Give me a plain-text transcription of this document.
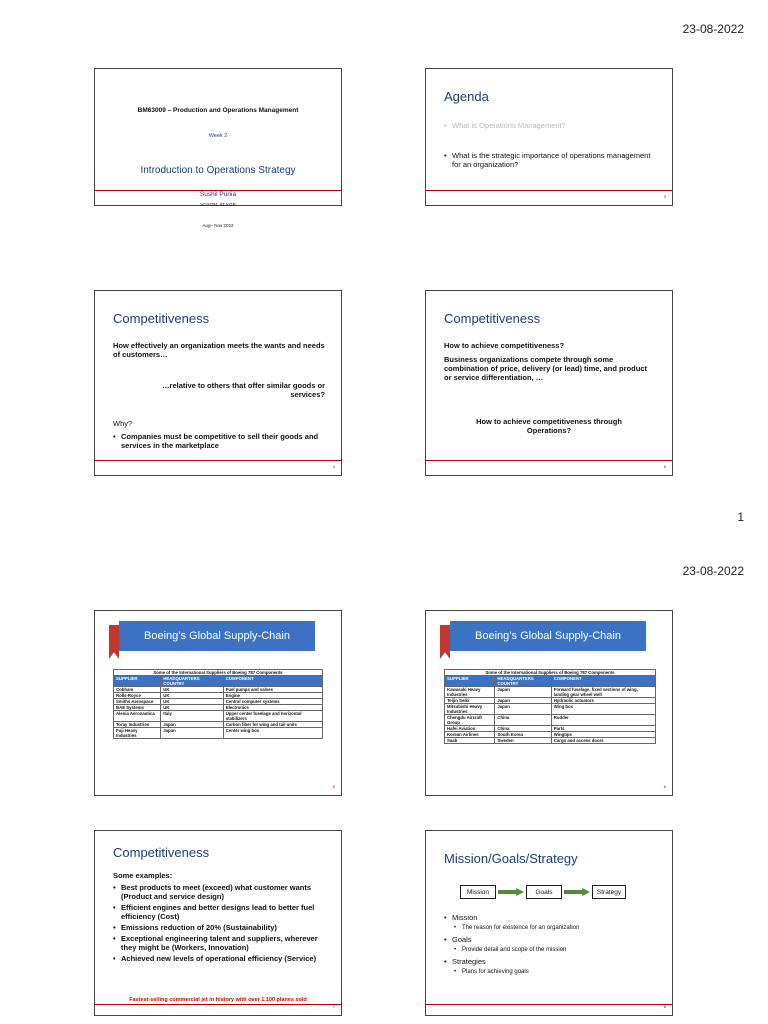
23-08-2022
BM63009 – Production and Operations Management
Week 2
Introduction to Operations Strategy
Sushil Punia
VGSOM, IIT KGP
Aug– Nov 2022
Agenda
• What is Operations Management?
• What is the strategic importance of operations management for an organization?
3
Competitiveness
How effectively an organization meets the wants and needs of customers…
…relative to others that offer similar goods or services?
Why?
• Companies must be competitive to sell their goods and services in the marketplace
4
Competitiveness
How to achieve competitiveness?
Business organizations compete through some combination of price, delivery (or lead) time, and product or service differentiation, …
How to achieve competitiveness through Operations?
5
1
23-08-2022
Boeing’s Global Supply-Chain

Some of the International Suppliers of Boeing 787 Components		
SUPPLIER	HEADQUARTERS COUNTRY	COMPONENT
Cobham	UK	Fuel pumps and valves
Rolls-Royce	UK	Engine
Smiths Aerospace	UK	Central computer systems
BAE Systems	UK	Electronics
Alenia Aeronautica	Italy	Upper center fuselage and horizontal stabilizers
Toray Industries	Japan	Carbon fiber for wing and tail units
Fuji Heavy Industries	Japan	Center wing box
6
Boeing’s Global Supply-Chain
Some of the International Suppliers of Boeing 787 Components		
SUPPLIER	HEADQUARTERS COUNTRY	COMPONENT
Kawasaki Heavy Industries	Japan	Forward fuselage, fixed sections of wing, landing gear wheel well
Teijin Seiki	Japan	Hydraulic actuators
Mitsubishi Heavy Industries	Japan	Wing box
Chengdu Aircraft Group	China	Rudder
Hafei Aviation	China	Parts
Korean Airlines	South Korea	Wingtips
Saab	Sweden	Cargo and access doors
6
Competitiveness
Some examples:
• Best products to meet (exceed) what customer wants (Product and service design)
• Efficient engines and better designs lead to better fuel efficiency (Cost)
• Emissions reduction of 20% (Sustainability)
• Exceptional engineering talent and suppliers, wherever they might be (Workers, Innovation)
• Achieved new levels of operational efficiency (Service)
Fastest-selling commercial jet in history with over 1,100 planes sold
7
Mission/Goals/Strategy
Mission	Goals	Strategy
• Mission
• The reason for existence for an organization
• Goals
• Provide detail and scope of the mission
• Strategies
• Plans for achieving goals
8
